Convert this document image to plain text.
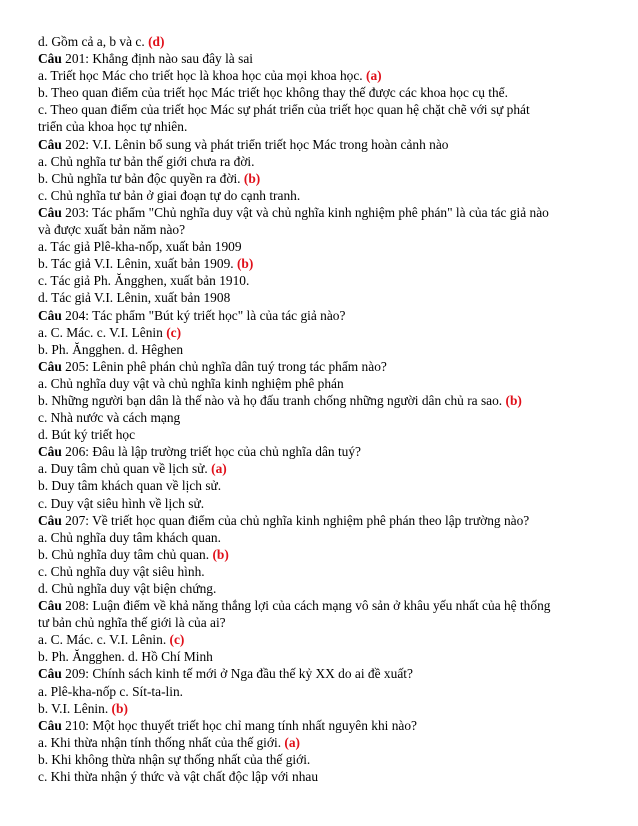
d. Gồm cả a, b và c. (d)
Câu 201: Khẳng định nào sau đây là sai
a. Triết học Mác cho triết học là khoa học của mọi khoa học. (a)
b. Theo quan điểm của triết học Mác triết học không thay thế được các khoa học cụ thể.
c. Theo quan điểm của triết học Mác sự phát triển của triết học quan hệ chặt chẽ với sự phát
triển của khoa học tự nhiên.
Câu 202: V.I. Lênin bổ sung và phát triển triết học Mác trong hoàn cảnh nào
a. Chủ nghĩa tư bản thế giới chưa ra đời.
b. Chủ nghĩa tư bản độc quyền ra đời. (b)
c. Chủ nghĩa tư bản ở giai đoạn tự do cạnh tranh.
Câu 203: Tác phẩm "Chủ nghĩa duy vật và chủ nghĩa kinh nghiệm phê phán" là của tác giả nào
và được xuất bản năm nào?
a. Tác giả Plê-kha-nốp, xuất bản 1909
b. Tác giả V.I. Lênin, xuất bản 1909. (b)
c. Tác giả Ph. Ăngghen, xuất bản 1910.
d. Tác giả V.I. Lênin, xuất bản 1908
Câu 204: Tác phẩm "Bút ký triết học" là của tác giả nào?
a. C. Mác. c. V.I. Lênin (c)
b. Ph. Ăngghen. d. Hêghen
Câu 205: Lênin phê phán chủ nghĩa dân tuý trong tác phẩm nào?
a. Chủ nghĩa duy vật và chủ nghĩa kinh nghiệm phê phán
b. Những người bạn dân là thế nào và họ đấu tranh chống những người dân chủ ra sao. (b)
c. Nhà nước và cách mạng
d. Bút ký triết học
Câu 206: Đâu là lập trường triết học của chủ nghĩa dân tuý?
a. Duy tâm chủ quan về lịch sử. (a)
b. Duy tâm khách quan về lịch sử.
c. Duy vật siêu hình về lịch sử.
Câu 207: Về triết học quan điểm của chủ nghĩa kinh nghiệm phê phán theo lập trường nào?
a. Chủ nghĩa duy tâm khách quan.
b. Chủ nghĩa duy tâm chủ quan. (b)
c. Chủ nghĩa duy vật siêu hình.
d. Chủ nghĩa duy vật biện chứng.
Câu 208: Luận điểm về khả năng thắng lợi của cách mạng vô sản ở khâu yếu nhất của hệ thống
tư bản chủ nghĩa thế giới là của ai?
a. C. Mác. c. V.I. Lênin. (c)
b. Ph. Ăngghen. d. Hồ Chí Minh
Câu 209: Chính sách kinh tế mới ở Nga đầu thế kỷ XX do ai đề xuất?
a. Plê-kha-nốp c. Sít-ta-lin.
b. V.I. Lênin. (b)
Câu 210: Một học thuyết triết học chỉ mang tính nhất nguyên khi nào?
a. Khi thừa nhận tính thống nhất của thế giới. (a)
b. Khi không thừa nhận sự thống nhất của thế giới.
c. Khi thừa nhận ý thức và vật chất độc lập với nhau
